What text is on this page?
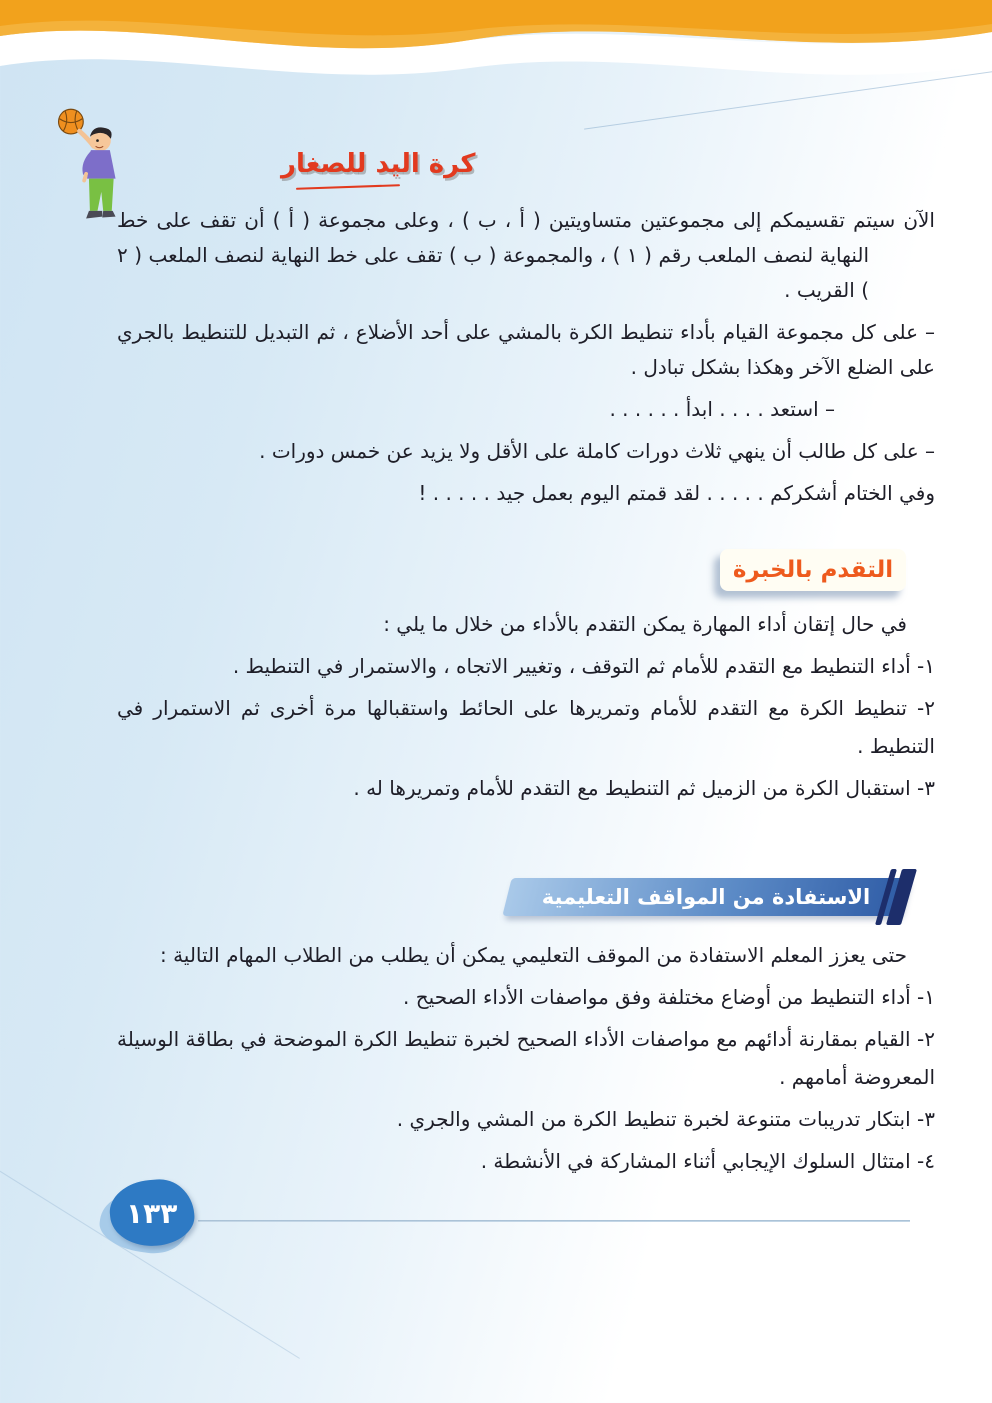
كرة اليد للصغار

الآن سيتم تقسيمكم إلى مجموعتين متساويتين ( أ ، ب ) ، وعلى مجموعة ( أ ) أن تقف على خط النهاية لنصف الملعب رقم ( ١ ) ، والمجموعة ( ب ) تقف على خط النهاية لنصف الملعب ( ٢ ) القريب .

– على كل مجموعة القيام بأداء تنطيط الكرة بالمشي على أحد الأضلاع ، ثم التبديل للتنطيط بالجري على الضلع الآخر وهكذا بشكل تبادل .

– استعد . . . . ابدأ . . . . . .

– على كل طالب أن ينهي ثلاث دورات كاملة على الأقل ولا يزيد عن خمس دورات .

وفي الختام أشكركم . . . . . لقد قمتم اليوم بعمل جيد . . . . . !

التقدم بالخبرة

في حال إتقان أداء المهارة يمكن التقدم بالأداء من خلال ما يلي :

١- أداء التنطيط مع التقدم للأمام ثم التوقف ، وتغيير الاتجاه ، والاستمرار في التنطيط .

٢- تنطيط الكرة مع التقدم للأمام وتمريرها على الحائط واستقبالها مرة أخرى ثم الاستمرار في التنطيط .

٣- استقبال الكرة من الزميل ثم التنطيط مع التقدم للأمام وتمريرها له .

الاستفادة من المواقف التعليمية

حتى يعزز المعلم الاستفادة من الموقف التعليمي يمكن أن يطلب من الطلاب المهام التالية :

١- أداء التنطيط من أوضاع مختلفة وفق مواصفات الأداء الصحيح .

٢- القيام بمقارنة أدائهم مع مواصفات الأداء الصحيح لخبرة تنطيط الكرة الموضحة في بطاقة الوسيلة المعروضة أمامهم .

٣- ابتكار تدريبات متنوعة لخبرة تنطيط الكرة من المشي والجري .

٤- امتثال السلوك الإيجابي أثناء المشاركة في الأنشطة .

١٣٣
